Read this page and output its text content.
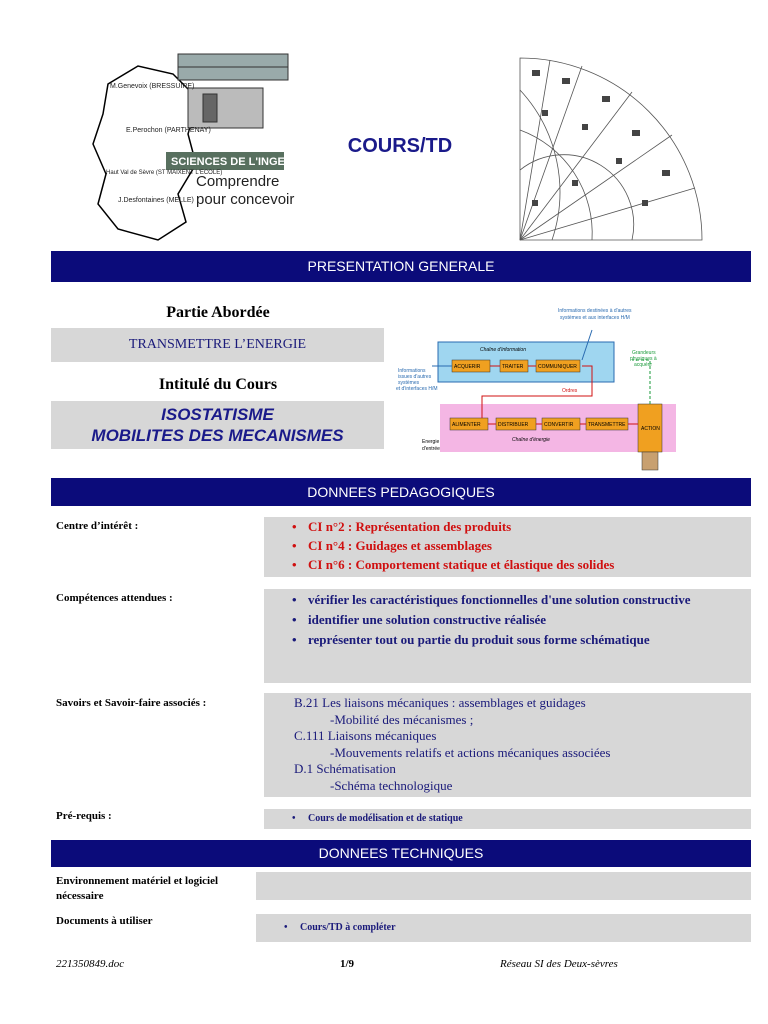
SCIENCES DE L'INGENIEUR
Comprendre
pour concevoir
M.Genevoix (BRESSUIRE)
E.Perochon (PARTHENAY)
Haut Val de Sèvre (ST MAIXENT L'ECOLE)
J.Desfontaines (MELLE)
COURS/TD
PRESENTATION GENERALE
Partie Abordée
TRANSMETTRE L’ENERGIE
Intitulé du Cours
ISOSTATISME
MOBILITES DES MECANISMES
Chaîne d'information
Chaîne d'énergie
ACQUERIR	TRAITER	COMMUNIQUER
ALIMENTER	DISTRIBUER	CONVERTIR	TRANSMETTRE
ACTION
Ordres
Informations destinées à d'autres
systèmes et aux interfaces H/M
Informations
issues d'autres
systèmes
et d'interfaces H/M
Grandeurs
physiques à
acquérir
Energie
d'entrée
DONNEES PEDAGOGIQUES
Centre d’intérêt :	• CI n°2 : Représentation des produits
• CI n°4 : Guidages et assemblages
• CI n°6 : Comportement statique et élastique des solides
Compétences attendues :	• vérifier les caractéristiques fonctionnelles d'une solution constructive
• identifier une solution constructive réalisée
• représenter tout ou partie du produit sous forme schématique
Savoirs et Savoir-faire associés :	B.21 Les liaisons mécaniques : assemblages et guidages
-Mobilité des mécanismes ;
C.111 Liaisons mécaniques
-Mouvements relatifs et actions mécaniques associées
D.1 Schématisation
-Schéma technologique
Pré-requis :	• Cours de modélisation et de statique
DONNEES TECHNIQUES
Environnement matériel et logiciel
nécessaire
Documents à utiliser
• Cours/TD à compléter
221350849.doc	1/9	Réseau SI des Deux-sèvres
